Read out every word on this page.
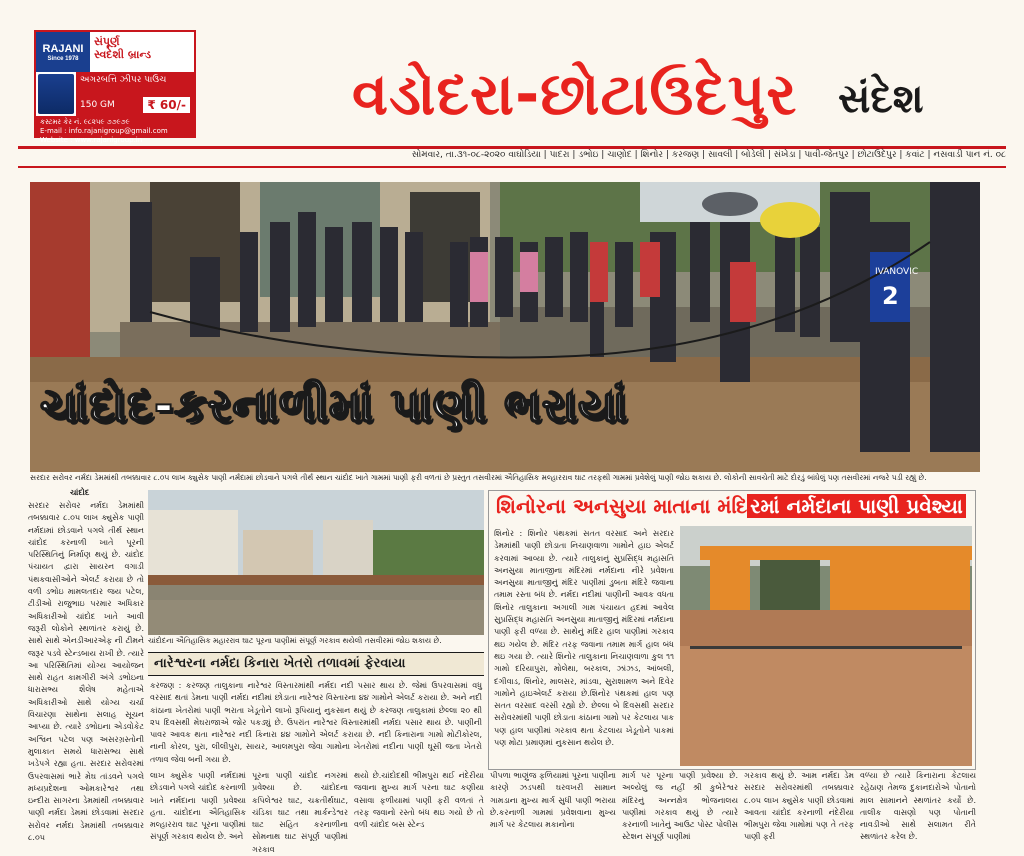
RAJANI
Since 1978
સંપૂર્ણ
સ્વદેશી બ્રાન્ડ
અગરબત્તિ ઝીપર પાઉચ
150 GM	₹ 60/-
કસ્ટમર કેર નં. ૯૮૨૫૯ ૭૭૯૭૯
E-mail : info.rajanigroup@gmail.com
Website : www.rajanigroup.in
વડોદરા-છોટાઉદેપુર સંદેશ
સોમવાર, તા.૩૧-૦૮-૨૦૨૦ વાઘોડિયા | પાદરા | ડભોઇ | ચાણોદ | શિનોર | કરજણ | સાવલી | બોડેલી | સંખેડા | પાવી-જેતપુર | છોટાઉદેપુર | કવાંટ | નસવાડી પાન નં. ૦૮
IVANOVIC
2
ચાંદોદ-કરનાળીમાં પાણી ભરાયાં
સરદાર સરોવર નર્મદા ડેમમાંથી તબક્કાવાર ૮.૦૫ લાખ ક્યુસેક પાણી નર્મદામાં છોડવાને પગલે તીર્થ સ્થાન ચાંદોદ ખાતે ગામમાં પાણી ફરી વળતાં છે પ્રસ્તુત તસવીરમાં ઐતિહાસિક મલ્હારરાવ ઘાટ તરફથી ગામમાં પ્રવેશેલું પાણી જોઇ શકાય છે. લોકોની સાવચેતી માટે દોરડું બાંધેલું પણ તસવીરમાં નજરે પડી રહ્યું છે.
ચાંદોદ
સરદાર સરોવર નર્મદા ડેમમાંથી તબક્કાવાર ૮.૦૫ લાખ ક્યુસેક પાણી નર્મદામાં છોડવાને પગલે તીર્થ સ્થાન ચાંદોદ કરનાળી ખાતે પૂરની પરિસ્થિતિનું નિર્માણ થયું છે. ચાંદોદ પંચાયત દ્વારા સાયરન વગાડી પંથકવાસીઓને એલર્ટ કરાયા છે તો વળી ડભોઇ મામલતદાર જય પટેલ, ટીડીઓ રાજુભાઇ પરમાર અધિકાર અધિકારીઓ ચાંદોદ ખાતે આવી જરૂરી લોકોને સ્થળાંતર કરાયું છે. સાથે સાથે એનડીઆરએફ ની ટીમને જરૂર પડવે સ્ટેન્ડબાય રાખી છે. ત્યારે આ પરિસ્થિતિમાં યોગ્ય આયોજન સાથે રાહત કામગીરી અંગે ડભોઇના ધારાસભ્ય શૈલેષ મહેતાએ અધિકારીઓ સાથે યોગ્ય ચર્ચા વિચારણા સાથેના સલાહ સૂચન આપ્યા છે. ત્યારે ડભોઇના એડવોકેટ અશ્વિન પટેલ પણ અસરગ્રસ્તોની મુલાકાત સમયે ધારાસભ્ય સાથે ખડેપગે રહ્યા હતા. સરદાર સરોવરમાં ઉપરવાસમાં ભારે મેઘ તાંડવને પગલે મધ્યપ્રદેશના ઓમકારેશ્વર તથા ઇન્દીરા સાગરના ડેમમાંથી તબક્કાવાર પાણી નર્મદા ડેમમાં છોડવામાં સરદાર સરોવર નર્મદા ડેમમાંથી તબક્કાવાર ૮.૦૫
ચાંદોદના ઐતિહાસિક મહારરાવ ઘાટ પૂરના પાણીમાં સંપૂર્ણ ગરકાવ થયેલી તસવીરમાં જોઇ શકાય છે.
નારેશ્વરના નર્મદા કિનારા ખેતરો તળાવમાં ફેરવાયા
કરજણ : કરજણ તાલુકાના નારેશ્વર વિસ્તારમાંથી નર્મદા નદી પસાર થાય છે. જેમાં ઉપરવાસમાં વધુ વરસાદ થતાં ડેમના પાણી નર્મદા નદીમાં છોડાતા નારેશ્વર વિસ્તારના ૪૪ ગામોને એલર્ટ કરાયા છે. અને નદી કાંઠાના ખેતરોમાં પાણી ભરાતા ખેડૂતોને લાખો રૂપિયાનું નુકસાન થયું છે કરજણ તાલુકામાં છેલ્લા ૨૦ થી ૨૫ દિવસથી મેઘરાજાએ જોર પકડ્યું છે. ઉપરાંત નારેશ્વર વિસ્તારમાંથી નર્મદા પસાર થાય છે. પાણીની પાવર આવક થતા નારેશ્વર નદી કિનારા ૪૪ ગામોને એલર્ટ કરાયા છે. નદી કિનારાના ગામો મોટીકોરલ, નાની કોરલ, પુરા, લીલીપુરા, સાયર, આલમપુરા જેવા ગામોના ખેતરોમાં નદીના પાણી ઘૂસી જતા ખેતરો તળાવ જેવા બની ગયા છે.
શિનોરના અનસુયા માતાના મંદિ રમાં નર્મદાના પાણી પ્રવેશ્યા
શિનોર : શિનોર પંથકમાં સતત વરસાદ અને સરદાર ડેમમાંથી પાણી છોડાતા નિચાણવાળા ગામોને હાઇ એલર્ટ કરવામાં આવ્યા છે. ત્યારે તાલુકાનું સુપ્રસિદ્ધ મહાસતિ અનસુયા માતાજીના મંદિરમાં નર્મદાના નીરે પ્રવેશતા અનસુયા માતાજીનું મંદિર પાણીમાં ડુબતા મંદિરે જવાના તમામ રસ્તા બંધ છે. નર્મદા નદીમાં પાણીની આવક વધતા શિનોર તાલુકાના અગાલી ગામ પંચાયત હદમાં આવેલ સુપ્રસિદ્ધ મહાસતિ અનસુયા માતાજીનું મંદિરમાં નર્મદાના પાણી ફરી વળ્યા છે. સાથેનું મંદિર હાલ પાણીમાં ગરકાવ થઇ ગયેલ છે. મંદિર તરફ જવાના તમામ માર્ગ હાલ બંધ થઇ ગયા છે. ત્યારે શિનોર તાલુકાના નિચાણવાળા કુલ ૧૧ ગામો દરિયાપુરા, મોલેથા, બરકાલ, ઝાંઝડ, આંબલી, દંગીવાડ, શિનોર, માલસર, માંડવા, સુરાશામળ અને દિવેર ગામોને હાઇએલર્ટ કરાયા છે.શિનોર પંથકમાં હાલ પણ સતત વરસાદ વરસી રહ્યો છે. છેલ્લા બે દિવસથી સરદાર સરોવરમાંથી પાણી છોડાતા કાંઠાના ગામો પર કેટલાય પાક પણ હાલ પાણીમાં ગરકાવ થતા કેટલાય ખેડૂતોને પાકમાં પણ મોટા પ્રમાણમાં નુકસાન થયેલ છે.
લાખ ક્યુસેક પાણી નર્મદામાં છોડવાને પગલે ચાંદોદ કરનાળી ખાતે નર્મદાના પાણી પ્રવેશ્યા હતા. ચાંદોદના ઐતિહાસિક મલ્હારરાવ ઘાટ પૂરના પાણીમાં સંપૂર્ણ ગરકાવ થયેલ છે. અને
પૂરના પાણી ચાંદોદ નગરમાં પ્રવેશ્યા છે. ચાંદોદના કપિલેશ્વર ઘાટ, ચક્રતીર્થઘાટ, ચંડિકા ઘાટ તથા માર્કન્ડેશ્વર ઘાટ સહિત કરનાળીના સોમનાથ ઘાટ સંપૂર્ણ પાણીમાં ગરકાવ
થયો છે.ચાંદોદથી ભીમપુરા થઈ નંદેરીયા જવાના મુખ્ય માર્ગ પરના ઘાટ કણીયા વસાવા ફળીયામાં પાણી ફરી વળતાં તે તરફ જવાનો રસ્તો બંધ થઇ ગયો છે તો વળી ચાંદોદ બસ સ્ટેન્ડ
પીપળા ભાણુંજ ફળિયામાં પૂરના પાણીના કારણે ઝડપથી ઘરવખરી સામાન ગામડાના મુખ્ય માર્ગ સુધી પાણી ભરાયા છે.કરનાળી ગામમાં પ્રવેશવાના મુખ્ય માર્ગ પર કેટલાય મકાનોના
માર્ગ પર પૂરના પાણી પ્રવેશ્યા છે. અલ્યેલું જ નહીં શ્રી કુબેરેશ્વર મંદિરનું અન્નક્ષેત્ર ભોજનાલય પાણીમાં ગરકાવ થયું છે ત્યારે કરનાળી ખાતેનું આઉટ પોસ્ટ પોલીસ સ્ટેશન સંપૂર્ણ પાણીમાં
ગરકાવ થયું છે. આમ નર્મદા ડેમ સરદાર સરોવરમાંથી તબક્કાવાર ૮.૦૫ લાખ ક્યુસેક પાણી છોડવામાં આવતા ચાંદોદ કરનાળી નંદેરીયા ભીમપુરા જેવા ગામોમાં પણ તે તરફ પાણી ફરી
વળ્યા છે ત્યારે કિનારાના કેટલાય રહેઠાણ તેમજ દુકાનદારોએ પોતાનો માલ સામાનને સ્થળાંતર કર્યો છે. તાલીક વાસણો પણ પોતાની નાવડીઓ સાથે સલામત રીતે સ્થળાંતર કરેલ છે.
